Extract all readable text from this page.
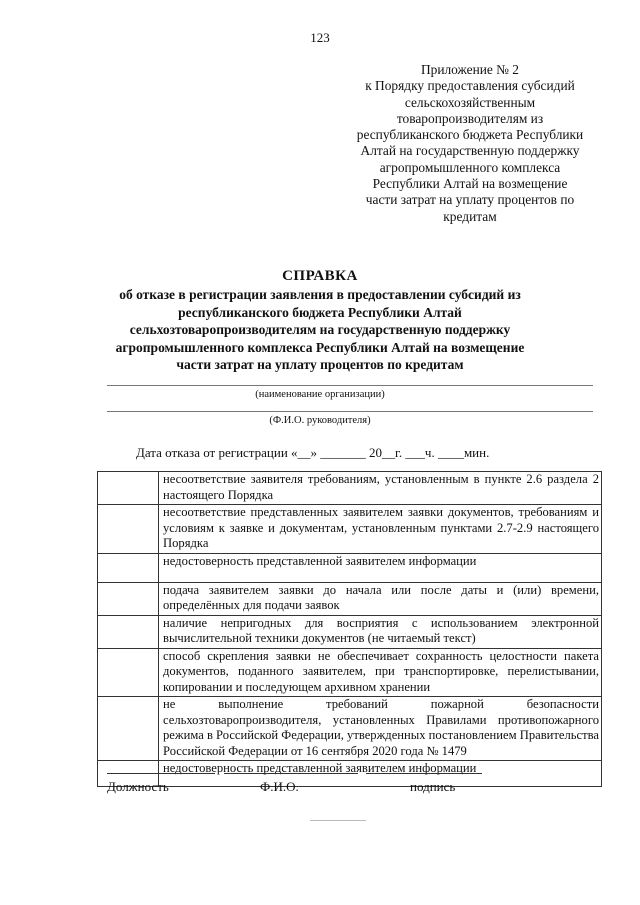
123
Приложение № 2
к Порядку предоставления субсидий
сельскохозяйственным
товаропроизводителям из
республиканского бюджета Республики
Алтай на государственную поддержку
агропромышленного комплекса
Республики Алтай на возмещение
части затрат на уплату процентов по
кредитам
СПРАВКА
об отказе в регистрации заявления в предоставлении субсидий из
республиканского бюджета Республики Алтай
сельхозтоваропроизводителям на государственную поддержку
агропромышленного комплекса Республики Алтай на возмещение
части затрат на уплату процентов по кредитам
(наименование организации)
(Ф.И.О. руководителя)
Дата отказа от регистрации «__» _______ 20__г. ___ч. ____мин.
	несоответствие заявителя требованиям, установленным в пункте 2.6 раздела 2 настоящего Порядка
	несоответствие представленных заявителем заявки документов, требованиям и условиям к заявке и документам, установленным пунктами 2.7-2.9 настоящего Порядка
	недостоверность представленной заявителем информации
	подача заявителем заявки до начала или после даты и (или) времени, определённых для подачи заявок
	наличие непригодных для восприятия с использованием электронной вычислительной техники документов (не читаемый текст)
	способ скрепления заявки не обеспечивает сохранность целостности пакета документов, поданного заявителем, при транспортировке, перелистывании, копировании и последующем архивном хранении
	не выполнение требований пожарной безопасности сельхозтоваропроизводителя, установленных Правилами противопожарного режима в Российской Федерации, утвержденных постановлением Правительства Российской Федерации от 16 сентября 2020 года № 1479
	недостоверность представленной заявителем информации
Должность	Ф.И.О.	подпись
